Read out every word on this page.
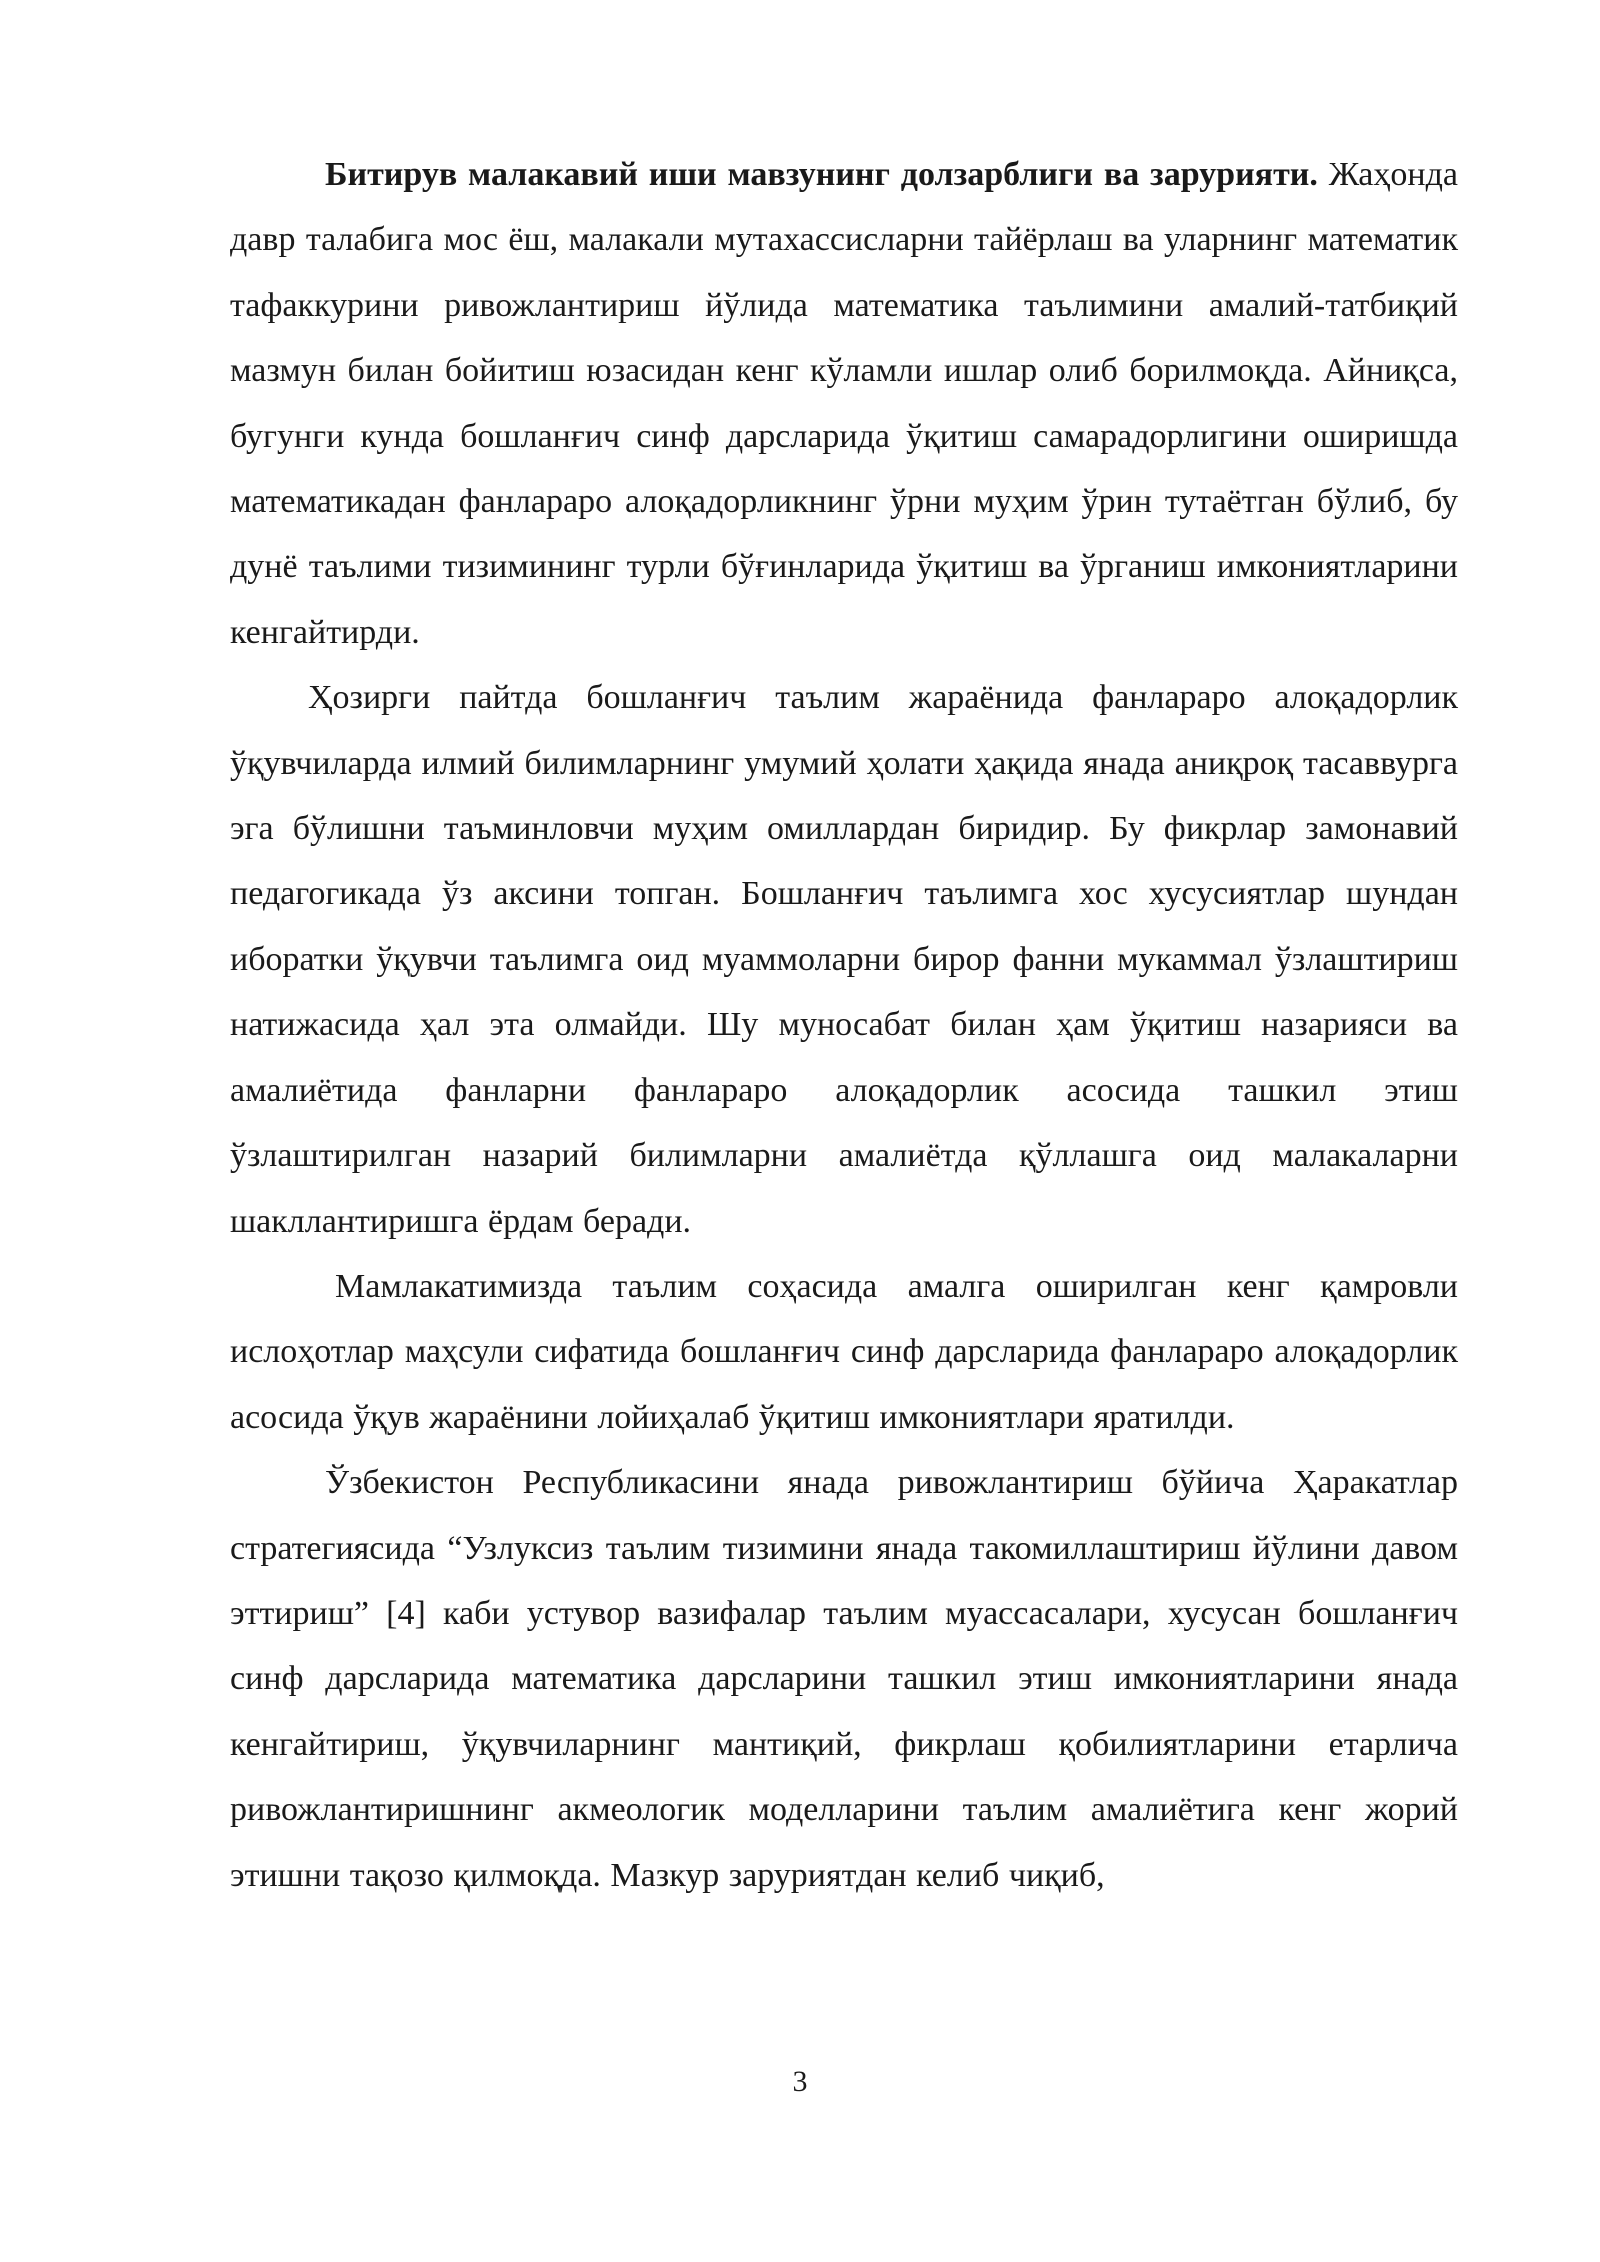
Битирув малакавий иши мавзунинг долзарблиги ва зарурияти. Жаҳонда давр талабига мос ёш, малакали мутахассисларни тайёрлаш ва уларнинг математик тафаккурини ривожлантириш йўлида математика таълимини амалий-татбиқий мазмун билан бойитиш юзасидан кенг кўламли ишлар олиб борилмоқда. Айниқса, бугунги кунда бошланғич синф дарсларида ўқитиш самарадорлигини оширишда математикадан фанлараро алоқадорликнинг ўрни муҳим ўрин тутаётган бўлиб, бу дунё таълими тизимининг турли бўғинларида ўқитиш ва ўрганиш имкониятларини кенгайтирди.

Ҳозирги пайтда бошланғич таълим жараёнида фанлараро алоқадорлик ўқувчиларда илмий билимларнинг умумий ҳолати ҳақида янада аниқроқ тасаввурга эга бўлишни таъминловчи муҳим омиллардан биридир. Бу фикрлар замонавий педагогикада ўз аксини топган. Бошланғич таълимга хос хусусиятлар шундан иборатки ўқувчи таълимга оид муаммоларни бирор фанни мукаммал ўзлаштириш натижасида ҳал эта олмайди. Шу муносабат билан ҳам ўқитиш назарияси ва амалиётида фанларни фанлараро алоқадорлик асосида ташкил этиш ўзлаштирилган назарий билимларни амалиётда қўллашга оид малакаларни шакллантиришга ёрдам беради.

Мамлакатимизда таълим соҳасида амалга оширилган кенг қамровли ислоҳотлар маҳсули сифатида бошланғич синф дарсларида фанлараро алоқадорлик асосида ўқув жараёнини лойиҳалаб ўқитиш имкониятлари яратилди.

Ўзбекистон Республикасини янада ривожлантириш бўйича Ҳаракатлар стратегиясида “Узлуксиз таълим тизимини янада такомиллаштириш йўлини давом эттириш” [4] каби устувор вазифалар таълим муассасалари, хусусан бошланғич синф дарсларида математика дарсларини ташкил этиш имкониятларини янада кенгайтириш, ўқувчиларнинг мантиқий, фикрлаш қобилиятларини етарлича ривожлантиришнинг акмеологик моделларини таълим амалиётига кенг жорий этишни тақозо қилмоқда. Мазкур заруриятдан келиб чиқиб,

3
